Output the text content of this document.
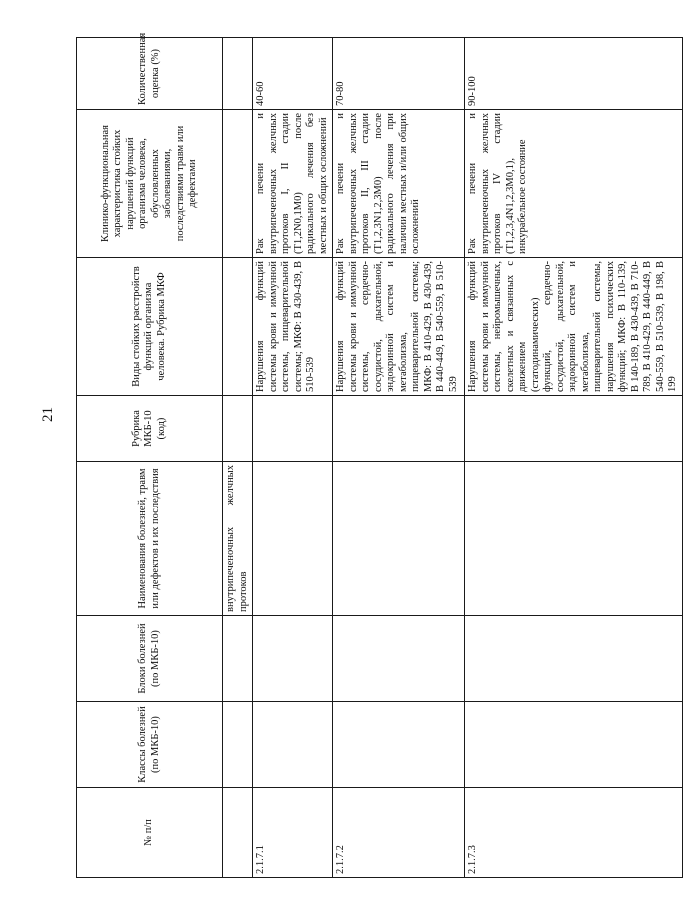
21
№ п/п	Классы болезней (по МКБ-10)	Блоки болезней (по МКБ-10)	Наименования болезней, травм или дефектов и их последствия	Рубрика МКБ-10 (код)	Виды стойких расстройств функций организма человека. Рубрика МКФ	Клинико-функциональная характеристика стойких нарушений функций организма человека, обусловленных заболеваниями, последствиями травм или дефектами	Количественная оценка (%)
			внутрипеченочных желчных протоков				
2.1.7.1					Нарушения функций системы крови и иммунной системы, пищеварительной системы; МКФ: В 430-439, В 510-539	Рак печени и внутрипеченочных желчных протоков I, II стадии (T1,2N0,1M0) после радикального лечения без местных и общих осложнений	40-60
2.1.7.2					Нарушения функций системы крови и иммунной системы, сердечно-сосудистой, дыхательной, эндокринной систем и метаболизма, пищеварительной системы; МКФ: В 410-429, В 430-439, В 440-449, В 540-559, В 510-539	Рак печени и внутрипеченочных желчных протоков II, III стадии (T1,2,3N1,2,3M0) после радикального лечения при наличии местных и/или общих осложнений	70-80
2.1.7.3					Нарушения функций системы крови и иммунной системы, нейромышечных, скелетных и связанных с движением (статодинамических) функций, сердечно-сосудистой, дыхательной, эндокринной систем и метаболизма, пищеварительной системы, нарушения психических функций; МКФ: В 110-139, В 140-189, В 430-439, В 710-789, В 410-429, В 440-449, В 540-559, В 510-539, В 198, В 199	Рак печени и внутрипеченочных желчных протоков IV стадии (T1,2,3,4N1,2,3M0,1), инкурабельное состояние	90-100
